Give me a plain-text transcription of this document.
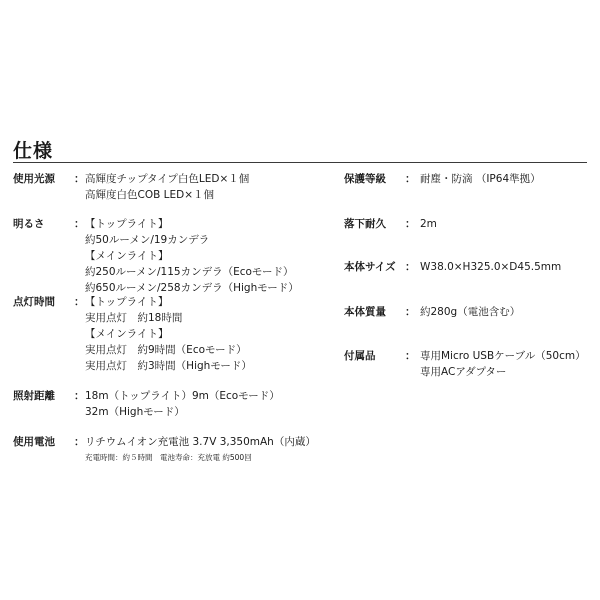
仕様
使用光源 ： 高輝度チップタイプ白色LED×１個
高輝度白色COB LED×１個
明るさ	： 【トップライト】
約50ルーメン/19カンデラ
【メインライト】
約250ルーメン/115カンデラ（Ecoモード）
約650ルーメン/258カンデラ（Highモード）
点灯時間 ： 【トップライト】
実用点灯　約18時間
【メインライト】
実用点灯　約9時間（Ecoモード）
実用点灯　約3時間（Highモード）
照射距離 ： 18m（トップライト）9m（Ecoモード）
32m（Highモード）
使用電池 ： リチウムイオン充電池 3.7V 3,350mAh（内蔵）
充電時間：約５時間　電池寿命：充放電 約500回
保護等級 ： 耐塵・防滴 （IP64準拠）
落下耐久 ： 2m
本体サイズ ： W38.0×H325.0×D45.5mm
本体質量 ： 約280g（電池含む）
付属品	： 専用Micro USBケーブル（50cm）
専用ACアダプター
